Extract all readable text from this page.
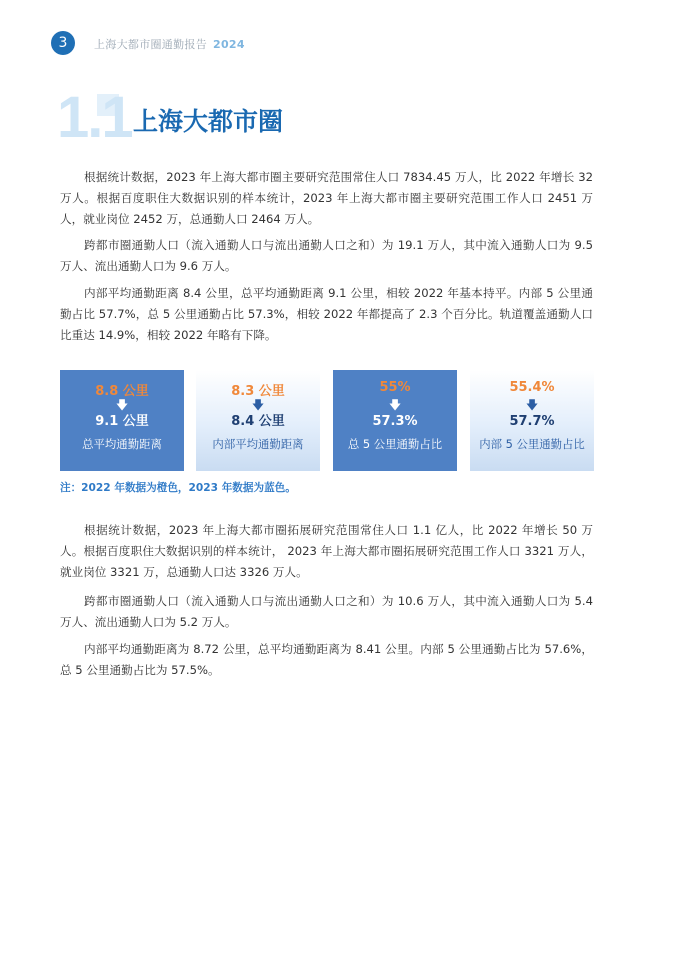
3	上海大都市圈通勤报告 2024
1.1 上海大都市圈

根据统计数据，2023 年上海大都市圈主要研究范围常住人口 7834.45 万人，比 2022 年增长 32 万人。根据百度职住大数据识别的样本统计，2023 年上海大都市圈主要研究范围工作人口 2451 万人，就业岗位 2452 万，总通勤人口 2464 万人。

跨都市圈通勤人口（流入通勤人口与流出通勤人口之和）为 19.1 万人，其中流入通勤人口为 9.5 万人、流出通勤人口为 9.6 万人。

内部平均通勤距离 8.4 公里，总平均通勤距离 9.1 公里，相较 2022 年基本持平。内部 5 公里通勤占比 57.7%，总 5 公里通勤占比 57.3%，相较 2022 年都提高了 2.3 个百分比。轨道覆盖通勤人口比重达 14.9%，相较 2022 年略有下降。

8.8 公里
🡇
9.1 公里
总平均通勤距离
8.3 公里
🡇
8.4 公里
内部平均通勤距离
55%
🡇
57.3%
总 5 公里通勤占比
55.4%
🡇
57.7%
内部 5 公里通勤占比
注：2022 年数据为橙色，2023 年数据为蓝色。

根据统计数据，2023 年上海大都市圈拓展研究范围常住人口 1.1 亿人，比 2022 年增长 50 万人。根据百度职住大数据识别的样本统计， 2023 年上海大都市圈拓展研究范围工作人口 3321 万人，就业岗位 3321 万，总通勤人口达 3326 万人。

跨都市圈通勤人口（流入通勤人口与流出通勤人口之和）为 10.6 万人，其中流入通勤人口为 5.4 万人、流出通勤人口为 5.2 万人。

内部平均通勤距离为 8.72 公里，总平均通勤距离为 8.41 公里。内部 5 公里通勤占比为 57.6%，总 5 公里通勤占比为 57.5%。
